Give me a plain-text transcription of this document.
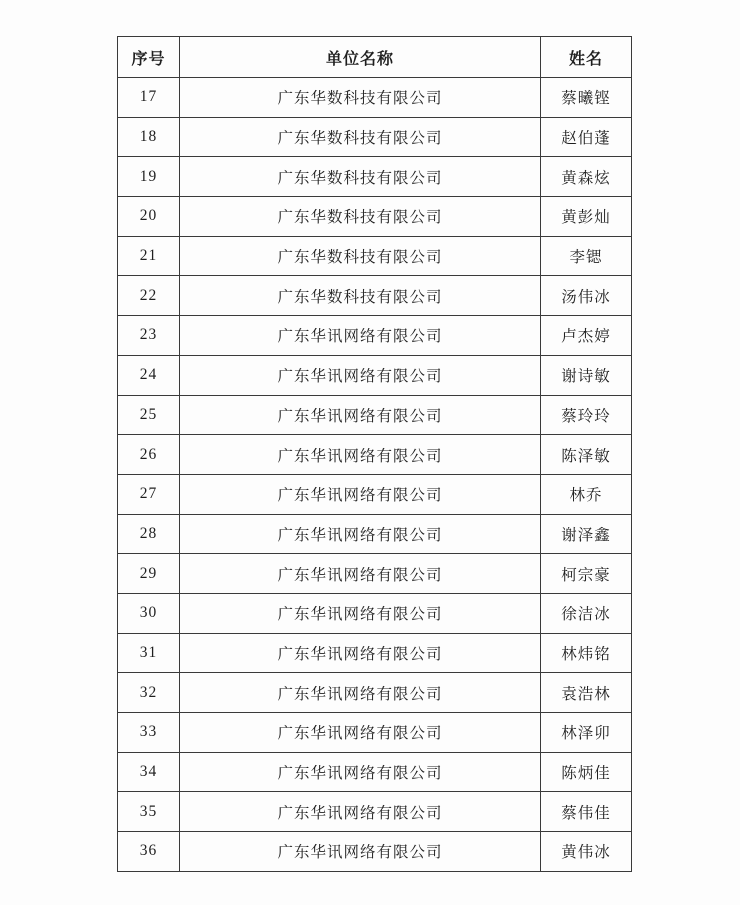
序号	单位名称	姓名
17	广东华数科技有限公司	蔡曦铿
18	广东华数科技有限公司	赵伯蓬
19	广东华数科技有限公司	黄森炫
20	广东华数科技有限公司	黄彭灿
21	广东华数科技有限公司	李锶
22	广东华数科技有限公司	汤伟冰
23	广东华讯网络有限公司	卢杰婷
24	广东华讯网络有限公司	谢诗敏
25	广东华讯网络有限公司	蔡玲玲
26	广东华讯网络有限公司	陈泽敏
27	广东华讯网络有限公司	林乔
28	广东华讯网络有限公司	谢泽鑫
29	广东华讯网络有限公司	柯宗豪
30	广东华讯网络有限公司	徐洁冰
31	广东华讯网络有限公司	林炜铭
32	广东华讯网络有限公司	袁浩林
33	广东华讯网络有限公司	林泽卯
34	广东华讯网络有限公司	陈炳佳
35	广东华讯网络有限公司	蔡伟佳
36	广东华讯网络有限公司	黄伟冰
